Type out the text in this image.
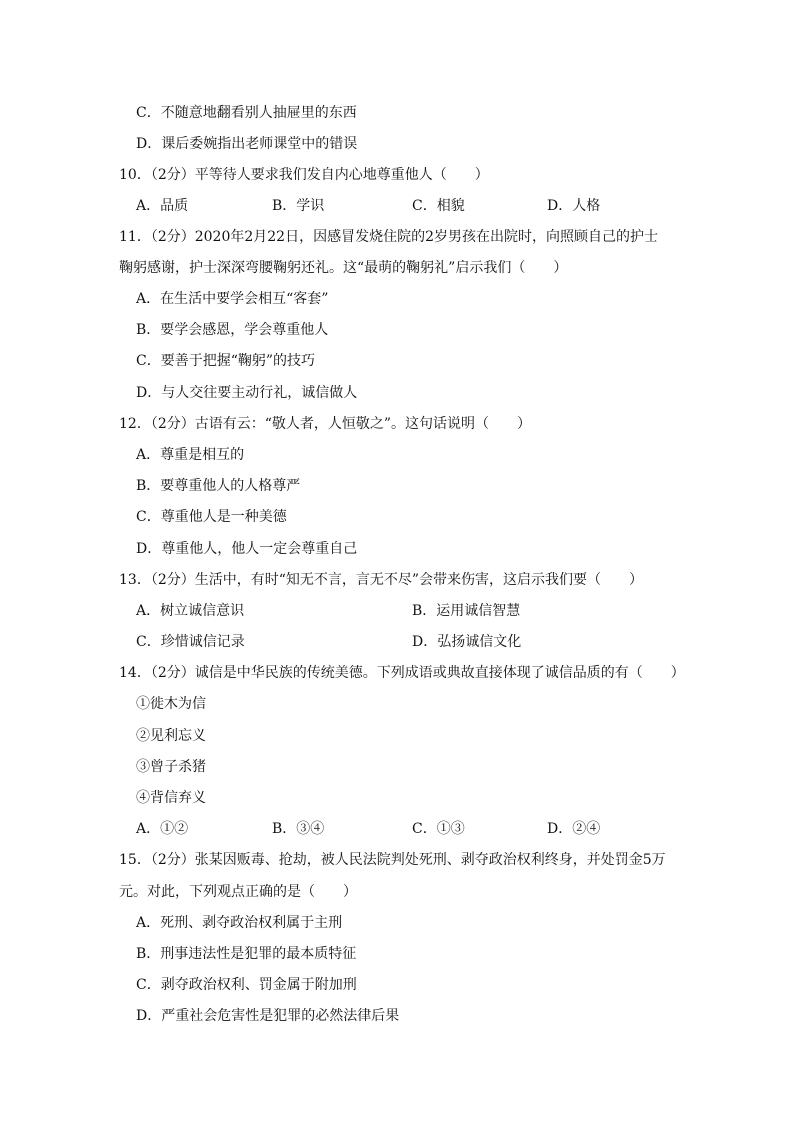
C．不随意地翻看别人抽屉里的东西
D．课后委婉指出老师课堂中的错误
10．（2分）平等待人要求我们发自内心地尊重他人（　　）
A．品质	B．学识	C．相貌	D．人格
11．（2分）2020年2月22日，因感冒发烧住院的2岁男孩在出院时，向照顾自己的护士
鞠躬感谢，护士深深弯腰鞠躬还礼。这“最萌的鞠躬礼”启示我们（　　）
A．在生活中要学会相互“客套”
B．要学会感恩，学会尊重他人
C．要善于把握“鞠躬”的技巧
D．与人交往要主动行礼，诚信做人
12．（2分）古语有云：“敬人者，人恒敬之”。这句话说明（　　）
A．尊重是相互的
B．要尊重他人的人格尊严
C．尊重他人是一种美德
D．尊重他人，他人一定会尊重自己
13．（2分）生活中，有时“知无不言，言无不尽”会带来伤害，这启示我们要（　　）
A．树立诚信意识	B．运用诚信智慧
C．珍惜诚信记录	D．弘扬诚信文化
14．（2分）诚信是中华民族的传统美德。下列成语或典故直接体现了诚信品质的有（　　）
①徙木为信
②见利忘义
③曾子杀猪
④背信弃义
A．①②	B．③④	C．①③	D．②④
15．（2分）张某因贩毒、抢劫，被人民法院判处死刑、剥夺政治权利终身，并处罚金5万
元。对此，下列观点正确的是（　　）
A．死刑、剥夺政治权利属于主刑
B．刑事违法性是犯罪的最本质特征
C．剥夺政治权利、罚金属于附加刑
D．严重社会危害性是犯罪的必然法律后果
